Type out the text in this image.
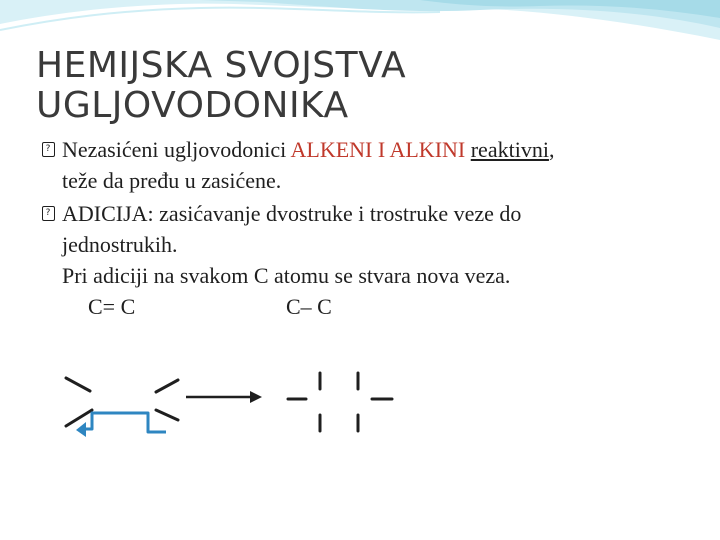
HEMIJSKA SVOJSTVA
UGLJOVODONIKA
? Nezasićeni ugljovodonici ALKENI I ALKINI reaktivni,
teže da pređu u zasićene.
? ADICIJA: zasićavanje dvostruke i trostruke veze do
jednostrukih.
Pri adiciji na svakom C atomu se stvara nova veza.
C= C	C– C
